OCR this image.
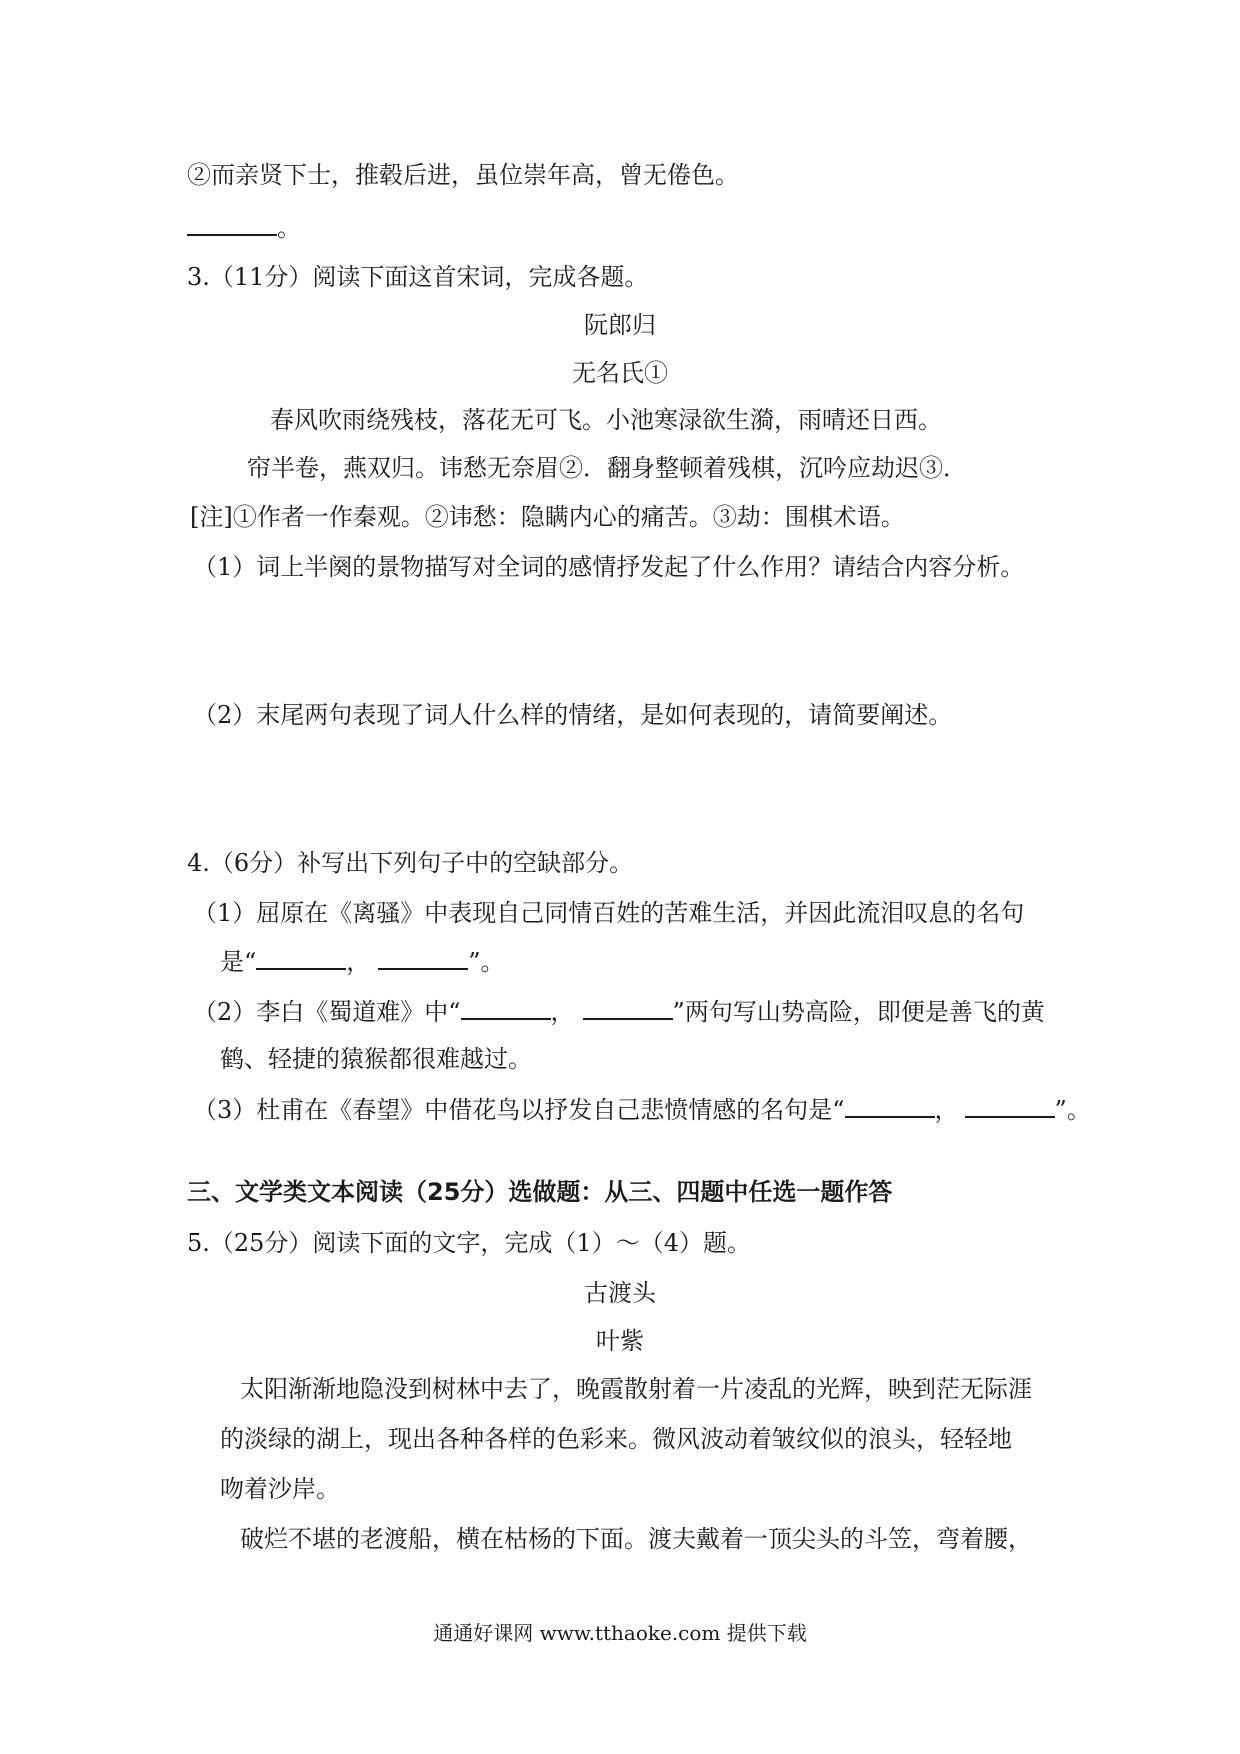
②而亲贤下士，推毂后进，虽位崇年高，曾无倦色。
。
3.（11分）阅读下面这首宋词，完成各题。
阮郎归
无名氏①
春风吹雨绕残枝，落花无可飞。小池寒渌欲生漪，雨晴还日西。
帘半卷，燕双归。讳愁无奈眉②．翻身整顿着残棋，沉吟应劫迟③．
[注]①作者一作秦观。②讳愁：隐瞒内心的痛苦。③劫：围棋术语。
（1）词上半阕的景物描写对全词的感情抒发起了什么作用？请结合内容分析。
（2）末尾两句表现了词人什么样的情绪，是如何表现的，请简要阐述。
4.（6分）补写出下列句子中的空缺部分。
（1）屈原在《离骚》中表现自己同情百姓的苦难生活，并因此流泪叹息的名句
是“	，	”。
（2）李白《蜀道难》中“	，	”两句写山势高险，即便是善飞的黄
鹤、轻捷的猿猴都很难越过。
（3）杜甫在《春望》中借花鸟以抒发自己悲愤情感的名句是“	，	”。
三、文学类文本阅读（25分）选做题：从三、四题中任选一题作答
5.（25分）阅读下面的文字，完成（1）～（4）题。
古渡头
叶紫
太阳渐渐地隐没到树林中去了，晚霞散射着一片凌乱的光辉，映到茫无际涯
的淡绿的湖上，现出各种各样的色彩来。微风波动着皱纹似的浪头，轻轻地
吻着沙岸。
破烂不堪的老渡船，横在枯杨的下面。渡夫戴着一顶尖头的斗笠，弯着腰，
通通好课网 www.tthaoke.com 提供下载
